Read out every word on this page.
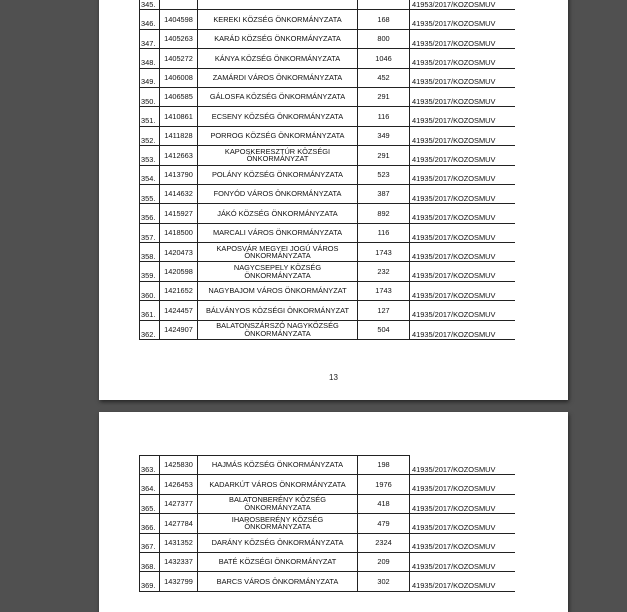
345.				41953/2017/KOZOSMUV
346.	1404598	KEREKI KÖZSÉG ÖNKORMÁNYZATA	168	41935/2017/KOZOSMUV
347.	1405263	KARÁD KÖZSÉG ÖNKORMÁNYZATA	800	41935/2017/KOZOSMUV
348.	1405272	KÁNYA KÖZSÉG ÖNKORMÁNYZATA	1046	41935/2017/KOZOSMUV
349.	1406008	ZAMÁRDI VÁROS ÖNKORMÁNYZATA	452	41935/2017/KOZOSMUV
350.	1406585	GÁLOSFA KÖZSÉG ÖNKORMÁNYZATA	291	41935/2017/KOZOSMUV
351.	1410861	ECSENY KÖZSÉG ÖNKORMÁNYZATA	116	41935/2017/KOZOSMUV
352.	1411828	PORROG KÖZSÉG ÖNKORMÁNYZATA	349	41935/2017/KOZOSMUV
353.	1412663	KAPOSKERESZTÚR KÖZSÉGI ÖNKORMÁNYZAT	291	41935/2017/KOZOSMUV
354.	1413790	POLÁNY KÖZSÉG ÖNKORMÁNYZATA	523	41935/2017/KOZOSMUV
355.	1414632	FONYÓD VÁROS ÖNKORMÁNYZATA	387	41935/2017/KOZOSMUV
356.	1415927	JÁKÓ KÖZSÉG ÖNKORMÁNYZATA	892	41935/2017/KOZOSMUV
357.	1418500	MARCALI VÁROS ÖNKORMÁNYZATA	116	41935/2017/KOZOSMUV
358.	1420473	KAPOSVÁR MEGYEI JOGÚ VÁROS ÖNKORMÁNYZATA	1743	41935/2017/KOZOSMUV
359.	1420598	NAGYCSEPELY KÖZSÉG ÖNKORMÁNYZATA	232	41935/2017/KOZOSMUV
360.	1421652	NAGYBAJOM VÁROS ÖNKORMÁNYZAT	1743	41935/2017/KOZOSMUV
361.	1424457	BÁLVÁNYOS KÖZSÉGI ÖNKORMÁNYZAT	127	41935/2017/KOZOSMUV
362.	1424907	BALATONSZÁRSZÓ NAGYKÖZSÉG ÖNKORMÁNYZATA	504	41935/2017/KOZOSMUV
13
363.	1425830	HAJMÁS KÖZSÉG ÖNKORMÁNYZATA	198	41935/2017/KOZOSMUV
364.	1426453	KADARKÚT VÁROS ÖNKORMÁNYZATA	1976	41935/2017/KOZOSMUV
365.	1427377	BALATONBERÉNY KÖZSÉG ÖNKORMÁNYZATA	418	41935/2017/KOZOSMUV
366.	1427784	IHAROSBERÉNY KÖZSÉG ÖNKORMÁNYZATA	479	41935/2017/KOZOSMUV
367.	1431352	DARÁNY KÖZSÉG ÖNKORMÁNYZATA	2324	41935/2017/KOZOSMUV
368.	1432337	BATÉ KÖZSÉGI ÖNKORMÁNYZAT	209	41935/2017/KOZOSMUV
369.	1432799	BARCS VÁROS ÖNKORMÁNYZATA	302	41935/2017/KOZOSMUV
